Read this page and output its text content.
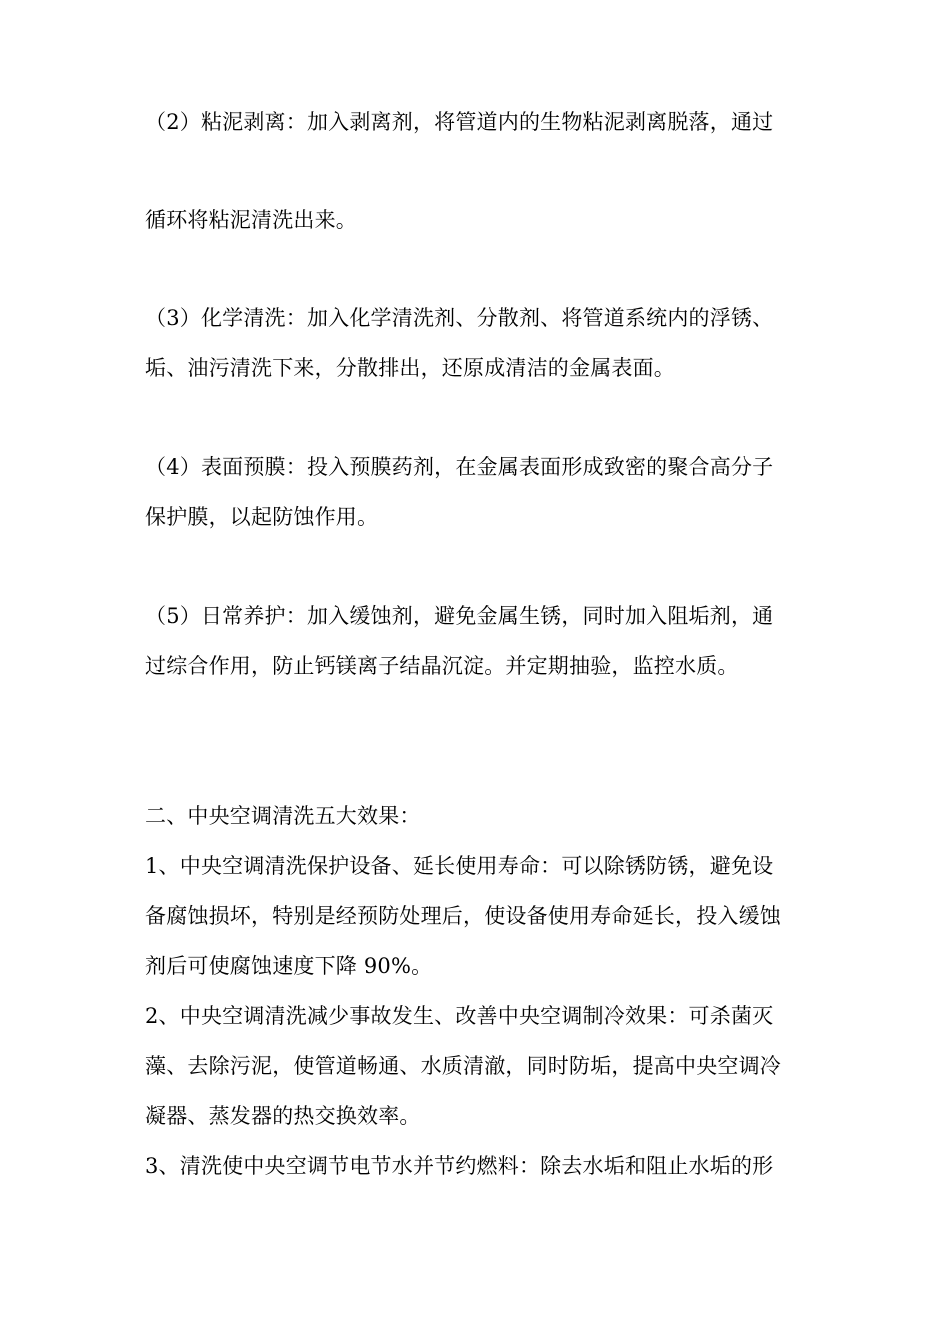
（2）粘泥剥离：加入剥离剂，将管道内的生物粘泥剥离脱落，通过
循环将粘泥清洗出来。
（3）化学清洗：加入化学清洗剂、分散剂、将管道系统内的浮锈、
垢、油污清洗下来，分散排出，还原成清洁的金属表面。
（4）表面预膜：投入预膜药剂，在金属表面形成致密的聚合高分子
保护膜，以起防蚀作用。
（5）日常养护：加入缓蚀剂，避免金属生锈，同时加入阻垢剂，通
过综合作用，防止钙镁离子结晶沉淀。并定期抽验，监控水质。
二、中央空调清洗五大效果：
1、中央空调清洗保护设备、延长使用寿命：可以除锈防锈，避免设
备腐蚀损坏，特别是经预防处理后，使设备使用寿命延长，投入缓蚀
剂后可使腐蚀速度下降 90%。
2、中央空调清洗减少事故发生、改善中央空调制冷效果：可杀菌灭
藻、去除污泥，使管道畅通、水质清澈，同时防垢，提高中央空调冷
凝器、蒸发器的热交换效率。
3、清洗使中央空调节电节水并节约燃料：除去水垢和阻止水垢的形
